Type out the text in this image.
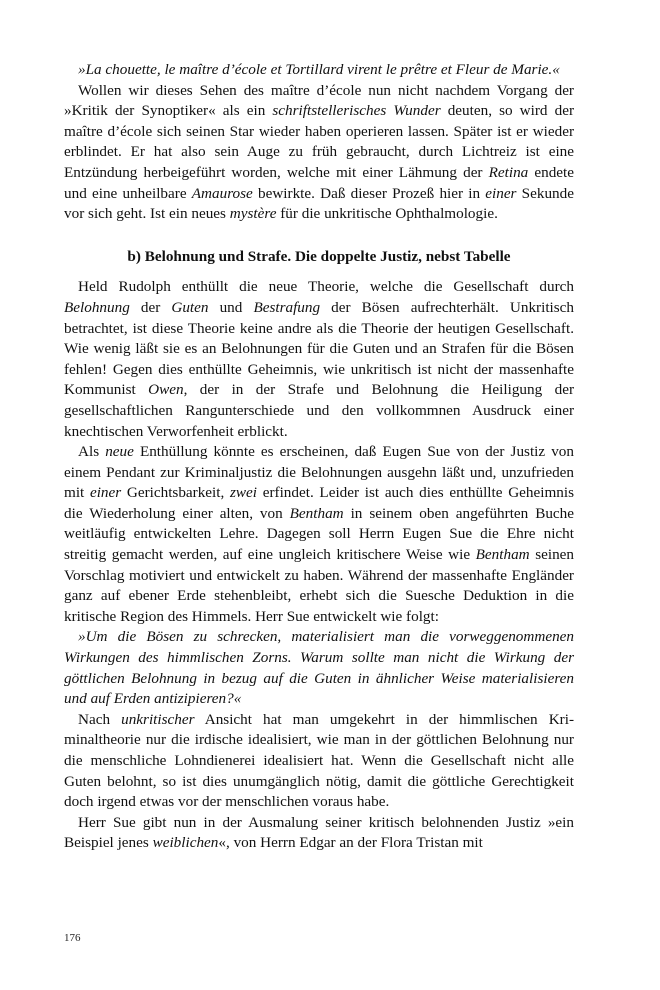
»La chouette, le maître d’école et Tortillard virent le prêtre et Fleur de Marie.«

Wollen wir dieses Sehen des maître d’école nun nicht nachdem Vorgang der »Kritik der Synoptiker« als ein schriftstellerisches Wunder deuten, so wird der maître d’école sich seinen Star wieder haben operieren lassen. Später ist er wieder erblindet. Er hat also sein Auge zu früh gebraucht, durch Lichtreiz ist eine Entzündung herbeigeführt worden, welche mit einer Lähmung der Retina endete und eine unheilbare Amaurose bewirkte. Daß dieser Prozeß hier in einer Sekunde vor sich geht. Ist ein neues mystère für die unkritische Ophthalmologie.

b) Belohnung und Strafe. Die doppelte Justiz, nebst Tabelle

Held Rudolph enthüllt die neue Theorie, welche die Gesellschaft durch Belohnung der Guten und Bestrafung der Bösen aufrechterhält. Unkritisch betrachtet, ist diese Theorie keine andre als die Theorie der heutigen Gesellschaft. Wie wenig läßt sie es an Belohnungen für die Guten und an Strafen für die Bösen fehlen! Gegen dies enthüllte Geheimnis, wie unkritisch ist nicht der massenhafte Kommunist Owen, der in der Strafe und Belohnung die Heiligung der gesellschaftlichen Rangunterschiede und den vollkommnen Ausdruck einer knechtischen Verworfenheit erblickt.

Als neue Enthüllung könnte es erscheinen, daß Eugen Sue von der Justiz von einem Pendant zur Kriminaljustiz die Belohnungen ausgehn läßt und, unzufrieden mit einer Gerichtsbarkeit, zwei erfindet. Leider ist auch dies enthüllte Geheimnis die Wiederholung einer alten, von Bentham in seinem oben angeführten Buche weitläufig entwickelten Lehre. Dagegen soll Herrn Eugen Sue die Ehre nicht streitig gemacht werden, auf eine ungleich kritischere Weise wie Bentham seinen Vorschlag motiviert und entwickelt zu haben. Während der massenhafte Engländer ganz auf ebener Erde stehenbleibt, erhebt sich die Suesche Deduktion in die kritische Region des Himmels. Herr Sue entwickelt wie folgt:

»Um die Bösen zu schrecken, materialisiert man die vorweggenommenen Wirkungen des himmlischen Zorns. Warum sollte man nicht die Wirkung der göttlichen Belohnung in bezug auf die Guten in ähnlicher Weise materialisieren und auf Erden antizipieren?«

Nach unkritischer Ansicht hat man umgekehrt in der himmlischen Kriminaltheorie nur die irdische idealisiert, wie man in der göttlichen Belohnung nur die menschliche Lohndienerei idealisiert hat. Wenn die Gesellschaft nicht alle Guten belohnt, so ist dies unumgänglich nötig, damit die göttliche Gerechtigkeit doch irgend etwas vor der menschlichen voraus habe.

Herr Sue gibt nun in der Ausmalung seiner kritisch belohnenden Justiz »ein Beispiel jenes weiblichen«, von Herrn Edgar an der Flora Tristan mit

176
